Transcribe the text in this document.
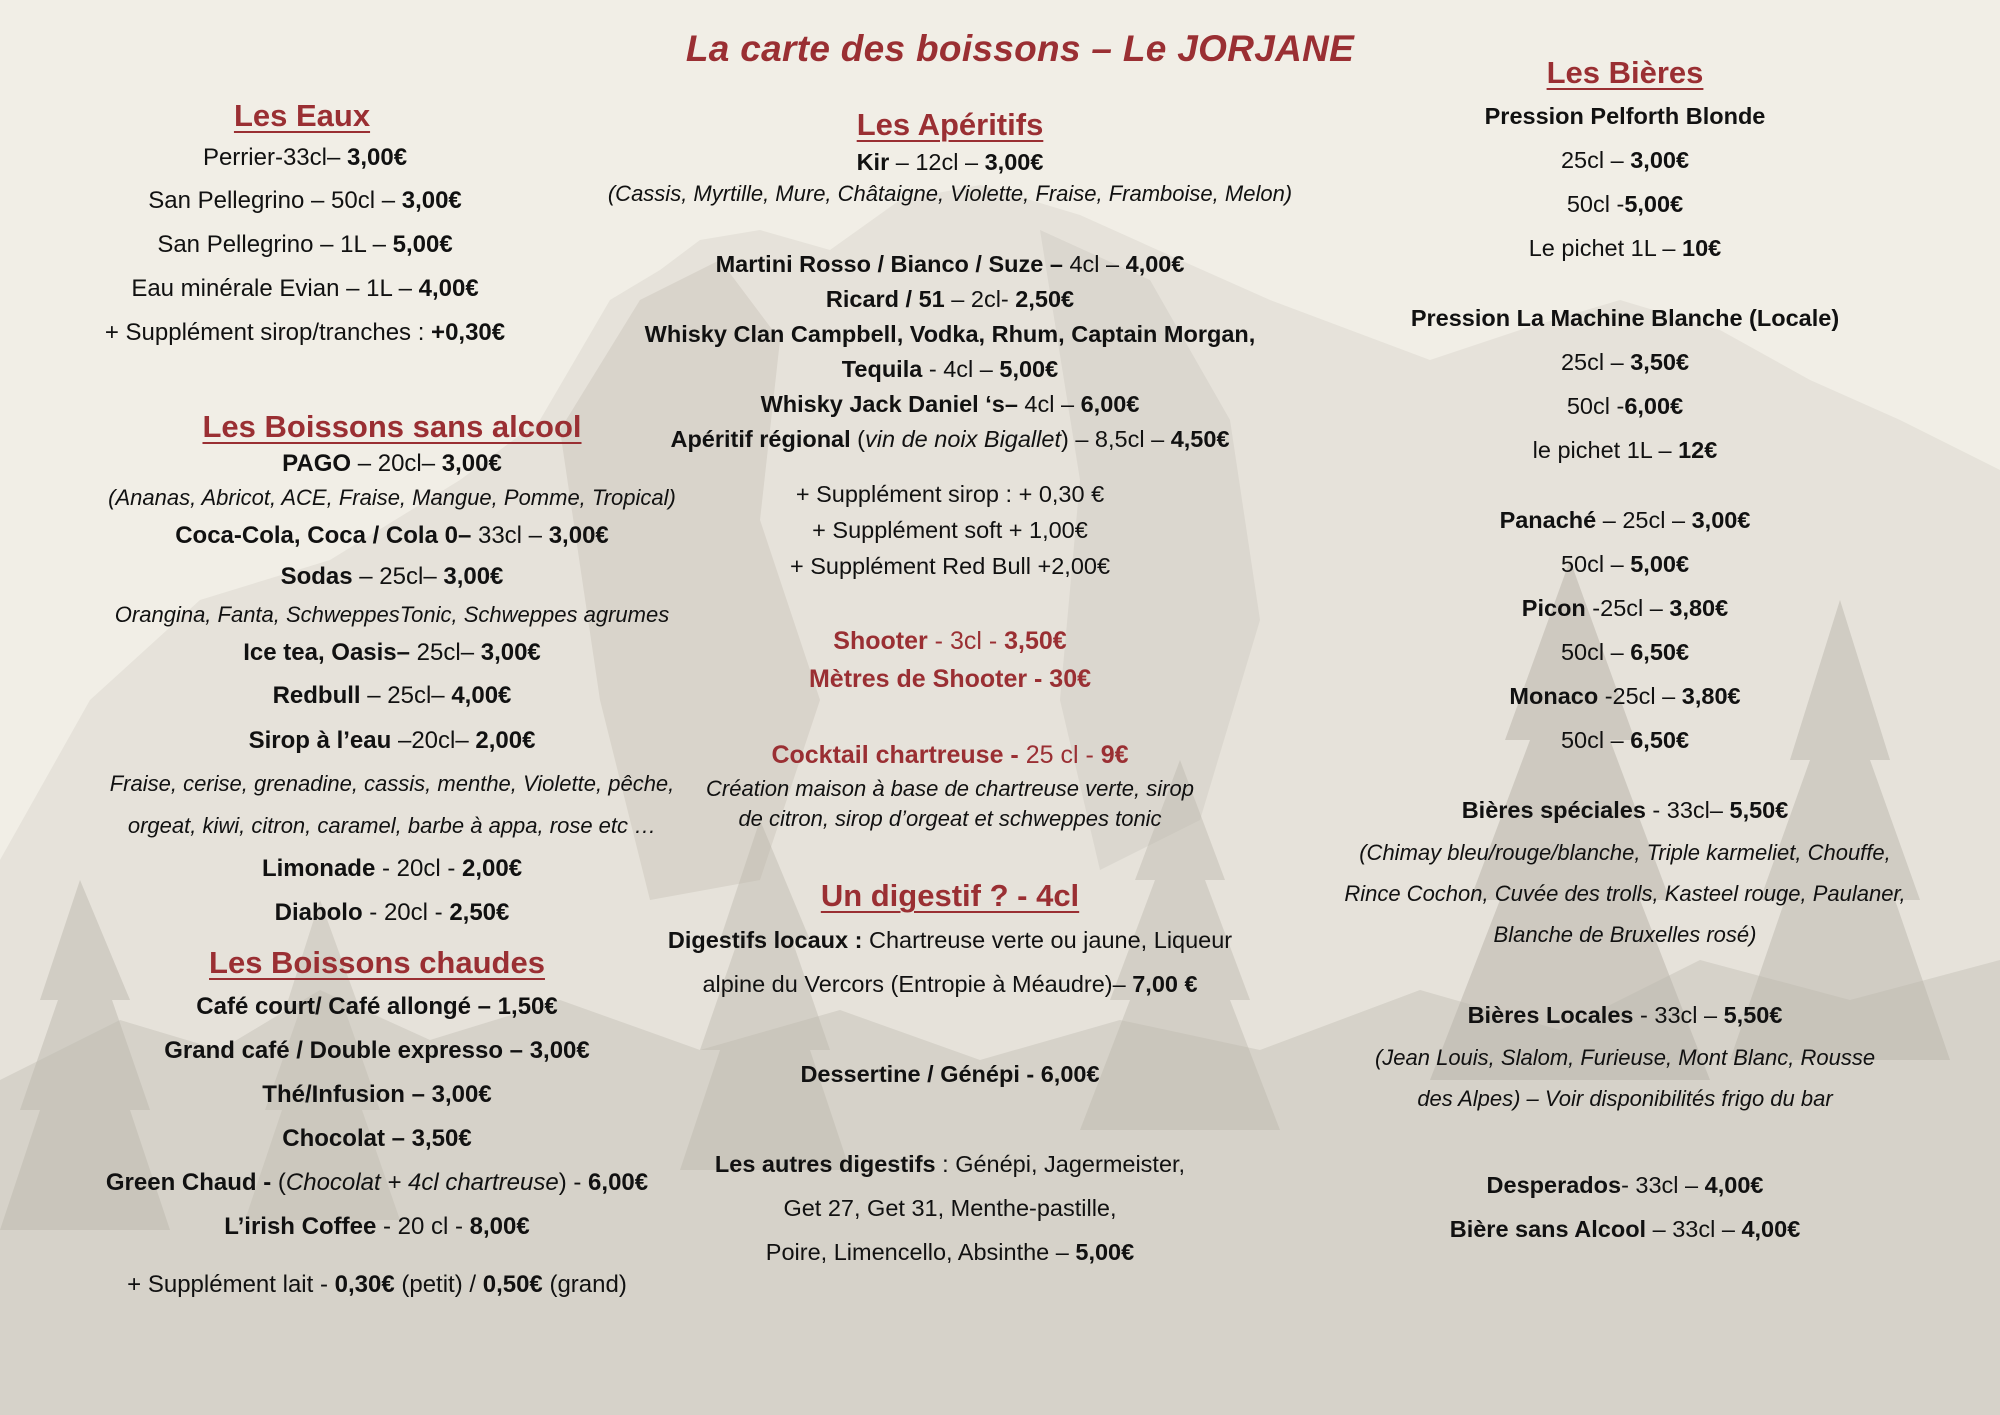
La carte des boissons – Le JORJANE
Les Eaux
Perrier-33cl– 3,00€
San Pellegrino – 50cl – 3,00€
San Pellegrino – 1L – 5,00€
Eau minérale Evian – 1L – 4,00€
+ Supplément sirop/tranches : +0,30€
Les Boissons sans alcool
PAGO – 20cl– 3,00€
(Ananas, Abricot, ACE, Fraise, Mangue, Pomme, Tropical)
Coca-Cola, Coca / Cola 0– 33cl – 3,00€
Sodas – 25cl– 3,00€
Orangina, Fanta, SchweppesTonic, Schweppes agrumes
Ice tea, Oasis– 25cl– 3,00€
Redbull – 25cl– 4,00€
Sirop à l’eau –20cl– 2,00€
Fraise, cerise, grenadine, cassis, menthe, Violette, pêche,
orgeat, kiwi, citron, caramel, barbe à appa, rose etc …
Limonade - 20cl - 2,00€
Diabolo - 20cl - 2,50€
Les Boissons chaudes
Café court/ Café allongé – 1,50€
Grand café / Double expresso – 3,00€
Thé/Infusion – 3,00€
Chocolat – 3,50€
Green Chaud - (Chocolat + 4cl chartreuse) - 6,00€
L’irish Coffee - 20 cl - 8,00€
+ Supplément lait - 0,30€ (petit) / 0,50€ (grand)
Les Apéritifs
Kir – 12cl – 3,00€
(Cassis, Myrtille, Mure, Châtaigne, Violette, Fraise, Framboise, Melon)
Martini Rosso / Bianco / Suze – 4cl – 4,00€
Ricard / 51 – 2cl- 2,50€
Whisky Clan Campbell, Vodka, Rhum, Captain Morgan,
Tequila - 4cl – 5,00€
Whisky Jack Daniel ‘s– 4cl – 6,00€
Apéritif régional (vin de noix Bigallet) – 8,5cl – 4,50€
+ Supplément sirop : + 0,30 €
+ Supplément soft + 1,00€
+ Supplément Red Bull +2,00€
Shooter - 3cl - 3,50€
Mètres de Shooter - 30€
Cocktail chartreuse - 25 cl - 9€
Création maison à base de chartreuse verte, sirop
de citron, sirop d’orgeat et schweppes tonic
Un digestif ? - 4cl
Digestifs locaux : Chartreuse verte ou jaune, Liqueur
alpine du Vercors (Entropie à Méaudre)– 7,00 €
Dessertine / Génépi - 6,00€
Les autres digestifs : Génépi, Jagermeister,
Get 27, Get 31, Menthe-pastille,
Poire, Limencello, Absinthe – 5,00€
Les Bières
Pression Pelforth Blonde
25cl – 3,00€
50cl -5,00€
Le pichet 1L – 10€
Pression La Machine Blanche (Locale)
25cl – 3,50€
50cl -6,00€
le pichet 1L – 12€
Panaché – 25cl – 3,00€
50cl – 5,00€
Picon -25cl – 3,80€
50cl – 6,50€
Monaco -25cl – 3,80€
50cl – 6,50€
Bières spéciales - 33cl– 5,50€
(Chimay bleu/rouge/blanche, Triple karmeliet, Chouffe,
Rince Cochon, Cuvée des trolls, Kasteel rouge, Paulaner,
Blanche de Bruxelles rosé)
Bières Locales - 33cl – 5,50€
(Jean Louis, Slalom, Furieuse, Mont Blanc, Rousse
des Alpes) – Voir disponibilités frigo du bar
Desperados- 33cl – 4,00€
Bière sans Alcool – 33cl – 4,00€
